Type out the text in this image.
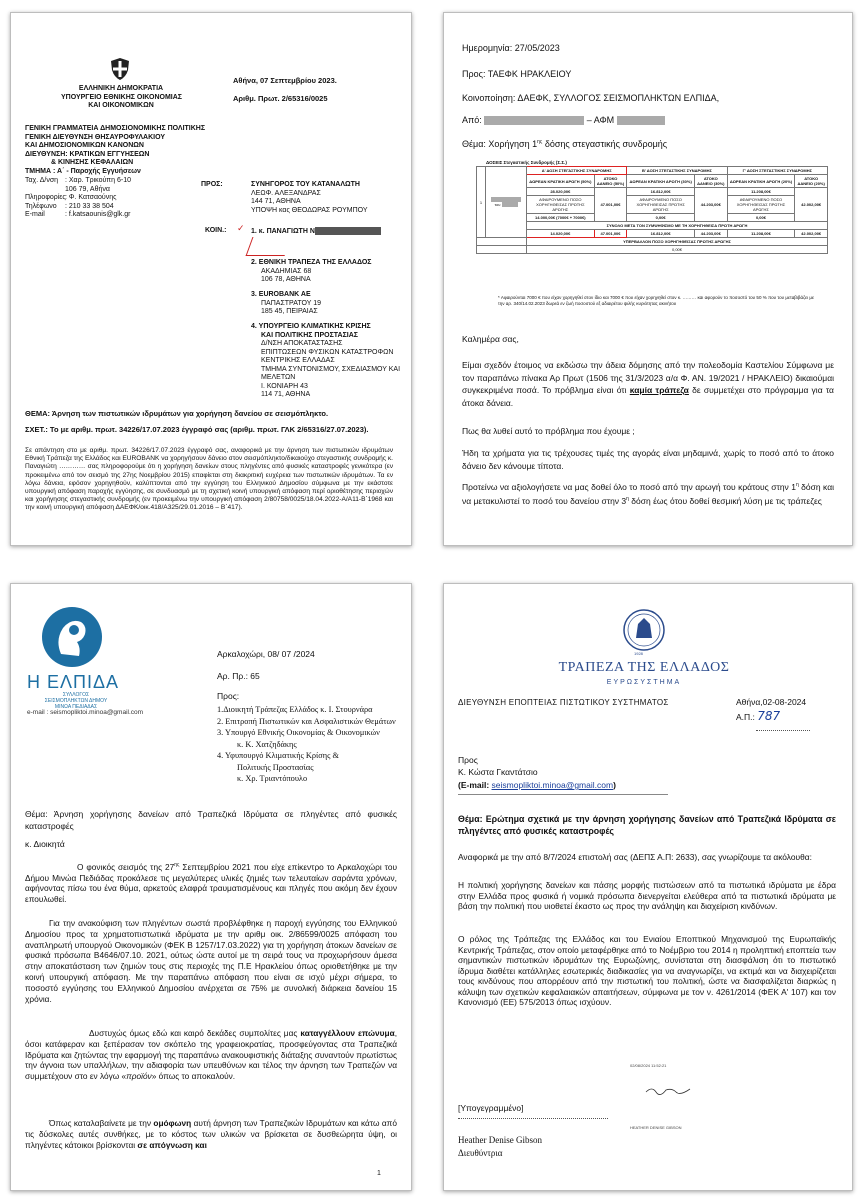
ΕΛΛΗΝΙΚΗ ΔΗΜΟΚΡΑΤΙΑ
ΥΠΟΥΡΓΕΙΟ ΕΘΝΙΚΗΣ ΟΙΚΟΝΟΜΙΑΣ
ΚΑΙ ΟΙΚΟΝΟΜΙΚΩΝ
ΓΕΝΙΚΗ ΓΡΑΜΜΑΤΕΙΑ ΔΗΜΟΣΙΟΝΟΜΙΚΗΣ ΠΟΛΙΤΙΚΗΣ
ΓΕΝΙΚΗ ΔΙΕΥΘΥΝΣΗ ΘΗΣΑΥΡΟΦΥΛΑΚΙΟΥ
ΚΑΙ ΔΗΜΟΣΙΟΝΟΜΙΚΩΝ ΚΑΝΟΝΩΝ
ΔΙΕΥΘΥΝΣΗ: ΚΡΑΤΙΚΩΝ ΕΓΓΥΗΣΕΩΝ
& ΚΙΝΗΣΗΣ ΚΕΦΑΛΑΙΩΝ
ΤΜΗΜΑ : Α΄ - Παροχής Εγγυήσεων
Αθήνα, 07 Σεπτεμβρίου 2023.
Αριθμ. Πρωτ. 2/65316/0025
Ταχ. Δ/νση : Χαρ. Τρικούπη 6-10
106 79, Αθήνα
Πληροφορίες: Φ. Κατσαούνης
Τηλέφωνο : 210 33 38 504
E-mail	: f.katsaounis@glk.gr
ΠΡΟΣ:	ΣΥΝΗΓΟΡΟΣ ΤΟΥ ΚΑΤΑΝΑΛΩΤΗ
ΛΕΩΦ. ΑΛΕΞΑΝΔΡΑΣ
144 71, ΑΘΗΝΑ
ΥΠΟΨΗ κας ΘΕΟΔΩΡΑΣ ΡΟΥΜΠΟΥ
ΚΟΙΝ.: ✓ 1. κ. ΠΑΝΑΓΙΩΤΗ Ν
2. ΕΘΝΙΚΗ ΤΡΑΠΕΖΑ ΤΗΣ ΕΛΛΑΔΟΣ
ΑΚΑΔΗΜΙΑΣ 68
106 78, ΑΘΗΝΑ
3. EUROBANK AE
ΠΑΠΑΣΤΡΑΤΟΥ 19
185 45, ΠΕΙΡΑΙΑΣ
4. ΥΠΟΥΡΓΕΙΟ ΚΛΙΜΑΤΙΚΗΣ ΚΡΙΣΗΣ
ΚΑΙ ΠΟΛΙΤΙΚΗΣ ΠΡΟΣΤΑΣΙΑΣ
Δ/ΝΣΗ ΑΠΟΚΑΤΑΣΤΑΣΗΣ
ΕΠΙΠΤΩΣΕΩΝ ΦΥΣΙΚΩΝ ΚΑΤΑΣΤΡΟΦΩΝ
ΚΕΝΤΡΙΚΗΣ ΕΛΛΑΔΑΣ
ΤΜΗΜΑ ΣΥΝΤΟΝΙΣΜΟΥ, ΣΧΕΔΙΑΣΜΟΥ ΚΑΙ
ΜΕΛΕΤΩΝ
Ι. ΚΟΝΙΑΡΗ 43
114 71, ΑΘΗΝΑ
ΘΕΜΑ: Άρνηση των πιστωτικών ιδρυμάτων για χορήγηση δανείου σε σεισμόπληκτο.
ΣΧΕΤ.: Το με αριθμ. πρωτ. 34226/17.07.2023 έγγραφό σας (αριθμ. πρωτ. ΓΛΚ 2/65316/27.07.2023).
Σε απάντηση στο με αριθμ. πρωτ. 34226/17.07.2023 έγγραφό σας, αναφορικά με την άρνηση των πιστωτικών ιδρυμάτων Εθνική Τράπεζα της Ελλάδος και EUROBANK να χορηγήσουν δάνειο στον σεισμόπληκτο/δικαιούχο στεγαστικής συνδρομής κ. Παναγιώτη ………… σας πληροφορούμε ότι η χορήγηση δανείων στους πληγέντες από φυσικές καταστροφές γενικότερα (εν προκειμένω από τον σεισμό της 27ης Νοεμβρίου 2015) επαφίεται στη διακριτική ευχέρεια των πιστωτικών ιδρυμάτων. Τα εν λόγω δάνεια, εφόσον χορηγηθούν, καλύπτονται από την εγγύηση του Ελληνικού Δημοσίου σύμφωνα με την εκάστοτε υπουργική απόφαση παροχής εγγύησης, σε συνδυασμό με τη σχετική κοινή υπουργική απόφαση περί οριοθέτησης περιοχών και χορήγησης στεγαστικής συνδρομής (εν προκειμένω την υπουργική απόφαση 2/80758/0025/18.04.2022-Α/Α11-Β΄1968 και την κοινή υπουργική απόφαση ΔΑΕΦΚ/οικ.418/Α325/29.01.2016 – Β΄417).
Ημερομηνία: 27/05/2023
Προς: ΤΑΕΦΚ ΗΡΑΚΛΕΙΟΥ
Κοινοποίηση: ΔΑΕΦΚ, ΣΥΛΛΟΓΟΣ ΣΕΙΣΜΟΠΛΗΚΤΩΝ ΕΛΠΙΔΑ,
Από:	– ΑΦΜ
Θέμα: Χορήγηση $1^{\eta\varsigma}$ δόσης στεγαστικής συνδρομής
ΔΟΣΕΙΣ Στεγαστικής Συνδρομής (Σ.Σ.)
1	του	Α' ΔΟΣΗ ΣΤΕΓΑΣΤΙΚΗΣ ΣΥΝΔΡΟΜΗΣ		Β' ΔΟΣΗ ΣΤΕΓΑΣΤΙΚΗΣ ΣΥΝΔΡΟΜΗΣ		Γ' ΔΟΣΗ ΣΤΕΓΑΣΤΙΚΗΣ ΣΥΝΔΡΟΜΗΣ	
		ΔΩΡΕΑΝ ΚΡΑΤΙΚΗ ΑΡΩΓΗ (50%)	ΑΤΟΚΟ ΔΑΝΕΙΟ (50%)	ΔΩΡΕΑΝ ΚΡΑΤΙΚΗ ΑΡΩΓΗ (30%)	ΑΤΟΚΟ ΔΑΝΕΙΟ (30%)	ΔΩΡΕΑΝ ΚΡΑΤΙΚΗ ΑΡΩΓΗ (20%)	ΑΤΟΚΟ ΔΑΝΕΙΟ (20%)
		28.020,00€	47.001,00€	16.812,00€	44.203,00€	11.208,00€	42.002,00€
		ΑΦΑΙΡΟΥΜΕΝΟ ΠΟΣΟ ΧΟΡΗΓΗΘΕΙΣΑΣ ΠΡΩΤΗΣ ΑΡΩΓΗΣ		ΑΦΑΙΡΟΥΜΕΝΟ ΠΟΣΟ ΧΟΡΗΓΗΘΕΙΣΑΣ ΠΡΩΤΗΣ ΑΡΩΓΗΣ		ΑΦΑΙΡΟΥΜΕΝΟ ΠΟΣΟ ΧΟΡΗΓΗΘΕΙΣΑΣ ΠΡΩΤΗΣ ΑΡΩΓΗΣ	
		14.000,00€ (7000€ + 7000€)		0,00€		0,00€	
		ΣΥΝΟΛΟ ΜΕΤΑ ΤΟΝ ΣΥΜΨΗΦΙΣΜΟ ΜΕ ΤΗ ΧΟΡΗΓΗΘΕΙΣΑ ΠΡΩΤΗ ΑΡΩΓΗ					
		14.020,00€	47.001,00€	16.812,00€	44.203,00€	11.208,00€	42.002,00€
		ΥΠΕΡΒΑΛΛΟΝ ΠΟΣΟ ΧΟΡΗΓΗΘΕΙΣΑΣ ΠΡΩΤΗΣ ΑΡΩΓΗΣ					
		0,00€					
* Αφαιρούνται 7000 € που είχαν χορηγηθεί στον ίδιο και 7000 € που είχαν χορηγηθεί στον κ. ……… και αφορούν το ποσοστό του 50 % που του μεταβιβάζει με την αρ. 340/14.02.2023 δωρεά εν ζωή ποσοστού εξ αδιαιρέτου ψιλής κυριότητας ακινήτου
Καλημέρα σας,
Είμαι σχεδόν έτοιμος να εκδώσω την άδεια δόμησης από την πολεοδομία Καστελίου Σύμφωνα με τον παραπάνω πίνακα Αρ Πρωτ (1506 της 31/3/2023 α/α Φ. ΑΝ. 19/2021 / ΗΡΑΚΛΕΙΟ) δικαιούμαι συγκεκριμένα ποσά. Το πρόβλημα είναι ότι καμία τράπεζα δε συμμετέχει στο πρόγραμμα για τα άτοκα δάνεια.
Πως θα λυθεί αυτό το πρόβλημα που έχουμε ;
Ήδη τα χρήματα για τις τρέχουσες τιμές της αγοράς είναι μηδαμινά, χωρίς το ποσό από το άτοκο δάνειο δεν κάνουμε τίποτα.
Προτείνω να αξιολογήσετε να μας δοθεί όλο το ποσό από την αρωγή του κράτους στην $1^\eta$ δόση και να μετακυλιστεί το ποσό του δανείου στην $3^\eta$ δόση έως ότου δοθεί θεσμική λύση με τις τράπεζες
Η ΕΛΠΙΔΑ
ΣΥΛΛΟΓΟΣ ΣΕΙΣΜΟΠΛΗΚΤΩΝ ΔΗΜΟΥ ΜΙΝΩΑ ΠΕΔΙΑΔΑΣ
e-mail : seismopliktoi.minoa@gmail.com
Αρκαλοχώρι, 08/ 07 /2024
Αρ. Πρ.: 65
Προς:
1.Διοικητή Τράπεζας Ελλάδος κ. Ι. Στουρνάρα
2. Επιτροπή Πιστωτικών και Ασφαλιστικών Θεμάτων
3. Υπουργό Εθνικής Οικονομίας & Οικονομικών
κ. Κ. Χατζηδάκης
4. Υφυπουργό Κλιματικής Κρίσης &
Πολιτικής Προστασίας
κ. Χρ. Τριαντόπουλο
Θέμα: Άρνηση χορήγησης δανείων από Τραπεζικά Ιδρύματα σε πληγέντες από φυσικές καταστροφές
κ. Διοικητά
Ο φονικός σεισμός της $27^{\eta\varsigma}$ Σεπτεμβρίου 2021 που είχε επίκεντρο το Αρκαλοχώρι του Δήμου Μινώα Πεδιάδας προκάλεσε τις μεγαλύτερες υλικές ζημιές των τελευταίων σαράντα χρόνων, αφήνοντας πίσω του ένα θύμα, αρκετούς ελαφρά τραυματισμένους και πληγές που ακόμη δεν έχουν επουλωθεί.
Για την ανακούφιση των πληγέντων σωστά προβλέφθηκε η παροχή εγγύησης του Ελληνικού Δημοσίου προς τα χρηματοπιστωτικά ιδρύματα με την αριθμ οικ. 2/86599/0025 απόφαση του αναπληρωτή υπουργού Οικονομικών (ΦΕΚ Β 1257/17.03.2022) για τη χορήγηση άτοκων δανείων σε φυσικά πρόσωπα Β4646/07.10. 2021, ούτως ώστε αυτοί με τη σειρά τους να προχωρήσουν άμεσα στην αποκατάσταση των ζημιών τους στις περιοχές της Π.Ε Ηρακλείου όπως οριοθετήθηκε με την κοινή υπουργική απόφαση. Με την παραπάνω απόφαση που είναι σε ισχύ μέχρι σήμερα, το ποσοστό εγγύησης του Ελληνικού Δημοσίου ανέρχεται σε 75% με συνολική διάρκεια δανείου 15 χρόνια.
Δυστυχώς όμως εδώ και καιρό δεκάδες συμπολίτες μας καταγγέλλουν επώνυμα, όσοι κατάφεραν και ξεπέρασαν τον σκόπελο της γραφειοκρατίας, προσφεύγοντας στα Τραπεζικά Ιδρύματα και ζητώντας την εφαρμογή της παραπάνω ανακουφιστικής διάταξης συναντούν πρωτίστως την άγνοια των υπαλλήλων, την αδιαφορία των υπευθύνων και τέλος την άρνηση των Τραπεζών να συμμετέχουν στο εν λόγω «προϊόν» όπως το αποκαλούν.
Όπως καταλαβαίνετε με την ομόφωνη αυτή άρνηση των Τραπεζικών Ιδρυμάτων και κάτω από τις δύσκολες αυτές συνθήκες, με το κόστος των υλικών να βρίσκεται σε δυσθεώρητα ύψη, οι πληγέντες κάτοικοι βρίσκονται σε απόγνωση και
1
1928
ΤΡΑΠΕΖΑ ΤΗΣ ΕΛΛΑΔΟΣ
ΕΥΡΩΣΥΣΤΗΜΑ
ΔΙΕΥΘΥΝΣΗ ΕΠΟΠΤΕΙΑΣ ΠΙΣΤΩΤΙΚΟΥ ΣΥΣΤΗΜΑΤΟΣ	Αθήνα,02-08-2024
Α.Π.: 787
Προς
Κ. Κώστα Γκαντάτσιο
(E-mail: seismopliktoi.minoa@gmail.com)
Θέμα: Ερώτημα σχετικά με την άρνηση χορήγησης δανείων από Τραπεζικά Ιδρύματα σε πληγέντες από φυσικές καταστροφές
Αναφορικά με την από 8/7/2024 επιστολή σας (ΔΕΠΣ Α.Π: 2633), σας γνωρίζουμε τα ακόλουθα:
Η πολιτική χορήγησης δανείων και πάσης μορφής πιστώσεων από τα πιστωτικά ιδρύματα με έδρα στην Ελλάδα προς φυσικά ή νομικά πρόσωπα διενεργείται ελεύθερα από τα πιστωτικά ιδρύματα με βάση την πολιτική που υιοθετεί έκαστο ως προς την ανάληψη και διαχείριση κινδύνων.
Ο ρόλος της Τράπεζας της Ελλάδος και του Ενιαίου Εποπτικού Μηχανισμού της Ευρωπαϊκής Κεντρικής Τράπεζας, στον οποίο μεταφέρθηκε από το Νοέμβριο του 2014 η προληπτική εποπτεία των σημαντικών πιστωτικών ιδρυμάτων της Ευρωζώνης, συνίσταται στη διασφάλιση ότι το πιστωτικό ίδρυμα διαθέτει κατάλληλες εσωτερικές διαδικασίες για να αναγνωρίζει, να εκτιμά και να διαχειρίζεται τους κινδύνους που απορρέουν από την πιστωτική του πολιτική, ώστε να διασφαλίζεται διαρκώς η κάλυψη των σχετικών κεφαλαιακών απαιτήσεων, σύμφωνα με τον ν. 4261/2014 (ΦΕΚ Α' 107) και τον Κανονισμό (ΕΕ) 575/2013 όπως ισχύουν.
02/08/2024 11:52:21
HEATHER DENISE GIBSON
[Υπογεγραμμένο]
Heather Denise Gibson
Διευθύντρια
